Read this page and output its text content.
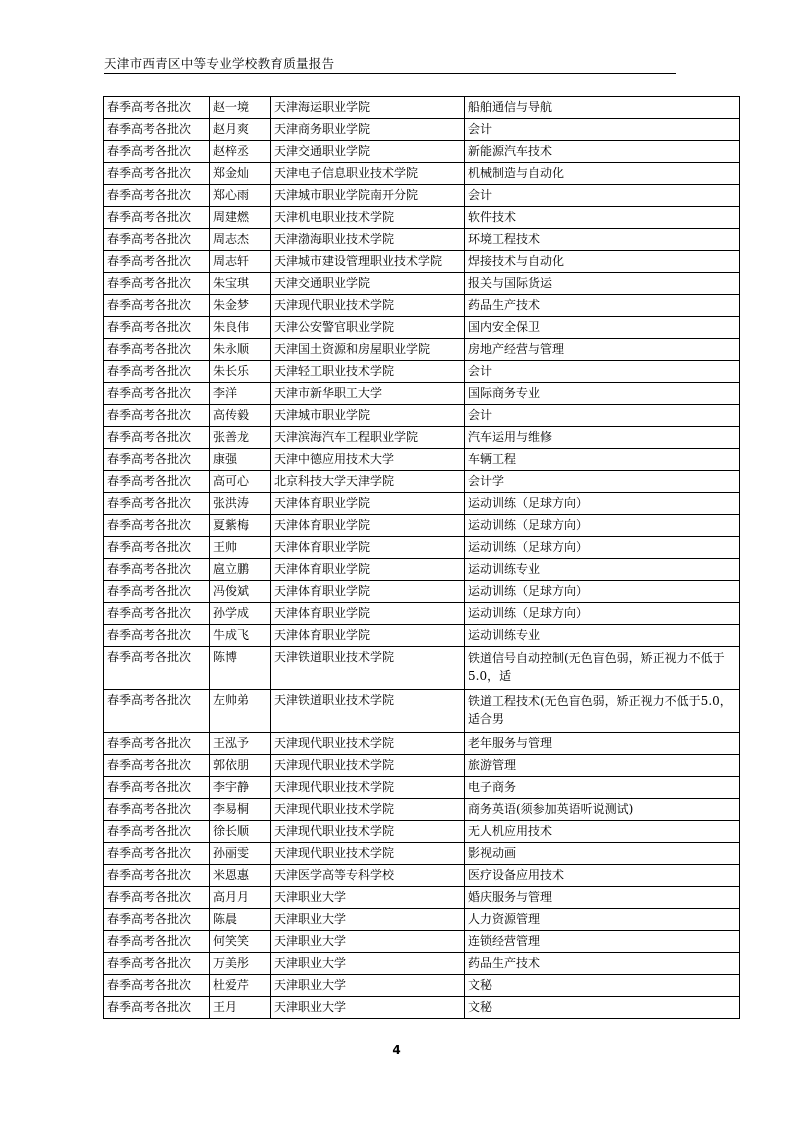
天津市西青区中等专业学校教育质量报告
春季高考各批次	赵一境	天津海运职业学院	船舶通信与导航
春季高考各批次	赵月爽	天津商务职业学院	会计
春季高考各批次	赵梓丞	天津交通职业学院	新能源汽车技术
春季高考各批次	郑金灿	天津电子信息职业技术学院	机械制造与自动化
春季高考各批次	郑心雨	天津城市职业学院南开分院	会计
春季高考各批次	周建燃	天津机电职业技术学院	软件技术
春季高考各批次	周志杰	天津渤海职业技术学院	环境工程技术
春季高考各批次	周志轩	天津城市建设管理职业技术学院	焊接技术与自动化
春季高考各批次	朱宝琪	天津交通职业学院	报关与国际货运
春季高考各批次	朱金梦	天津现代职业技术学院	药品生产技术
春季高考各批次	朱良伟	天津公安警官职业学院	国内安全保卫
春季高考各批次	朱永顺	天津国土资源和房屋职业学院	房地产经营与管理
春季高考各批次	朱长乐	天津轻工职业技术学院	会计
春季高考各批次	李洋	天津市新华职工大学	国际商务专业
春季高考各批次	高传毅	天津城市职业学院	会计
春季高考各批次	张善龙	天津滨海汽车工程职业学院	汽车运用与维修
春季高考各批次	康强	天津中德应用技术大学	车辆工程
春季高考各批次	高可心	北京科技大学天津学院	会计学
春季高考各批次	张洪涛	天津体育职业学院	运动训练（足球方向）
春季高考各批次	夏紫梅	天津体育职业学院	运动训练（足球方向）
春季高考各批次	王帅	天津体育职业学院	运动训练（足球方向）
春季高考各批次	扈立鹏	天津体育职业学院	运动训练专业
春季高考各批次	冯俊斌	天津体育职业学院	运动训练（足球方向）
春季高考各批次	孙学成	天津体育职业学院	运动训练（足球方向）
春季高考各批次	牛成飞	天津体育职业学院	运动训练专业
春季高考各批次	陈博	天津铁道职业技术学院	铁道信号自动控制(无色盲色弱，矫正视力不低于5.0，适
春季高考各批次	左帅弟	天津铁道职业技术学院	铁道工程技术(无色盲色弱，矫正视力不低于5.0，适合男
春季高考各批次	王泓予	天津现代职业技术学院	老年服务与管理
春季高考各批次	郭依朋	天津现代职业技术学院	旅游管理
春季高考各批次	李宇静	天津现代职业技术学院	电子商务
春季高考各批次	李易桐	天津现代职业技术学院	商务英语(须参加英语听说测试)
春季高考各批次	徐长顺	天津现代职业技术学院	无人机应用技术
春季高考各批次	孙丽雯	天津现代职业技术学院	影视动画
春季高考各批次	米恩惠	天津医学高等专科学校	医疗设备应用技术
春季高考各批次	高月月	天津职业大学	婚庆服务与管理
春季高考各批次	陈晨	天津职业大学	人力资源管理
春季高考各批次	何笑笑	天津职业大学	连锁经营管理
春季高考各批次	万美彤	天津职业大学	药品生产技术
春季高考各批次	杜爱芹	天津职业大学	文秘
春季高考各批次	王月	天津职业大学	文秘
4
